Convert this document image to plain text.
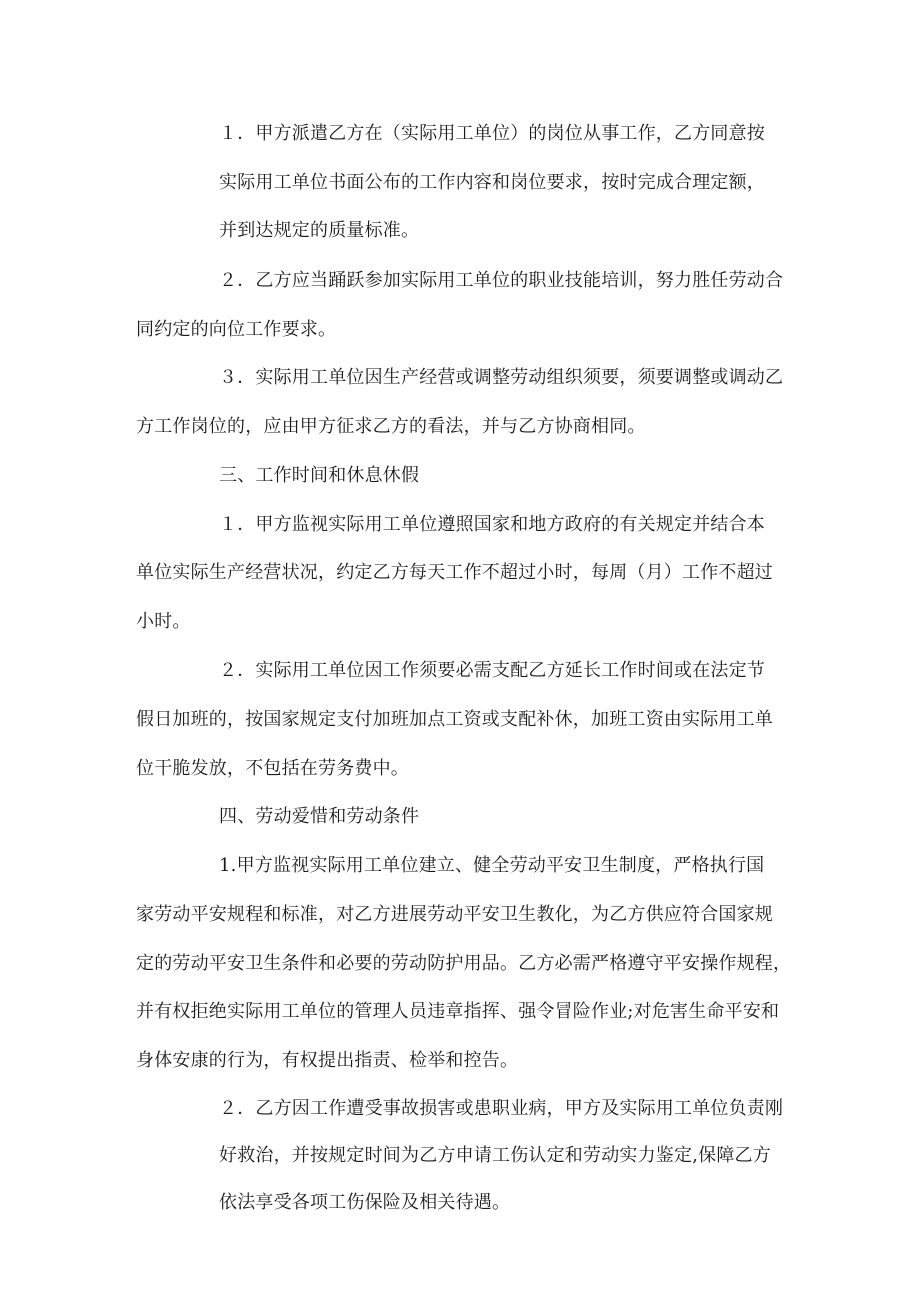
１．甲方派遣乙方在（实际用工单位）的岗位从事工作，乙方同意按
实际用工单位书面公布的工作内容和岗位要求，按时完成合理定额，
并到达规定的质量标准。
２．乙方应当踊跃参加实际用工单位的职业技能培训，努力胜任劳动合
同约定的向位工作要求。
３．实际用工单位因生产经营或调整劳动组织须要，须要调整或调动乙
方工作岗位的，应由甲方征求乙方的看法，并与乙方协商相同。
三、工作时间和休息休假
１．甲方监视实际用工单位遵照国家和地方政府的有关规定并结合本
单位实际生产经营状况，约定乙方每天工作不超过小时，每周（月）工作不超过
小时。
２．实际用工单位因工作须要必需支配乙方延长工作时间或在法定节
假日加班的，按国家规定支付加班加点工资或支配补休，加班工资由实际用工单
位干脆发放，不包括在劳务费中。
四、劳动爱惜和劳动条件
1.甲方监视实际用工单位建立、健全劳动平安卫生制度，严格执行国
家劳动平安规程和标准，对乙方进展劳动平安卫生教化，为乙方供应符合国家规
定的劳动平安卫生条件和必要的劳动防护用品。乙方必需严格遵守平安操作规程，
并有权拒绝实际用工单位的管理人员违章指挥、强令冒险作业;对危害生命平安和
身体安康的行为，有权提出指责、检举和控告。
２．乙方因工作遭受事故损害或患职业病，甲方及实际用工单位负责刚
好救治，并按规定时间为乙方申请工伤认定和劳动实力鉴定,保障乙方
依法享受各项工伤保险及相关待遇。
